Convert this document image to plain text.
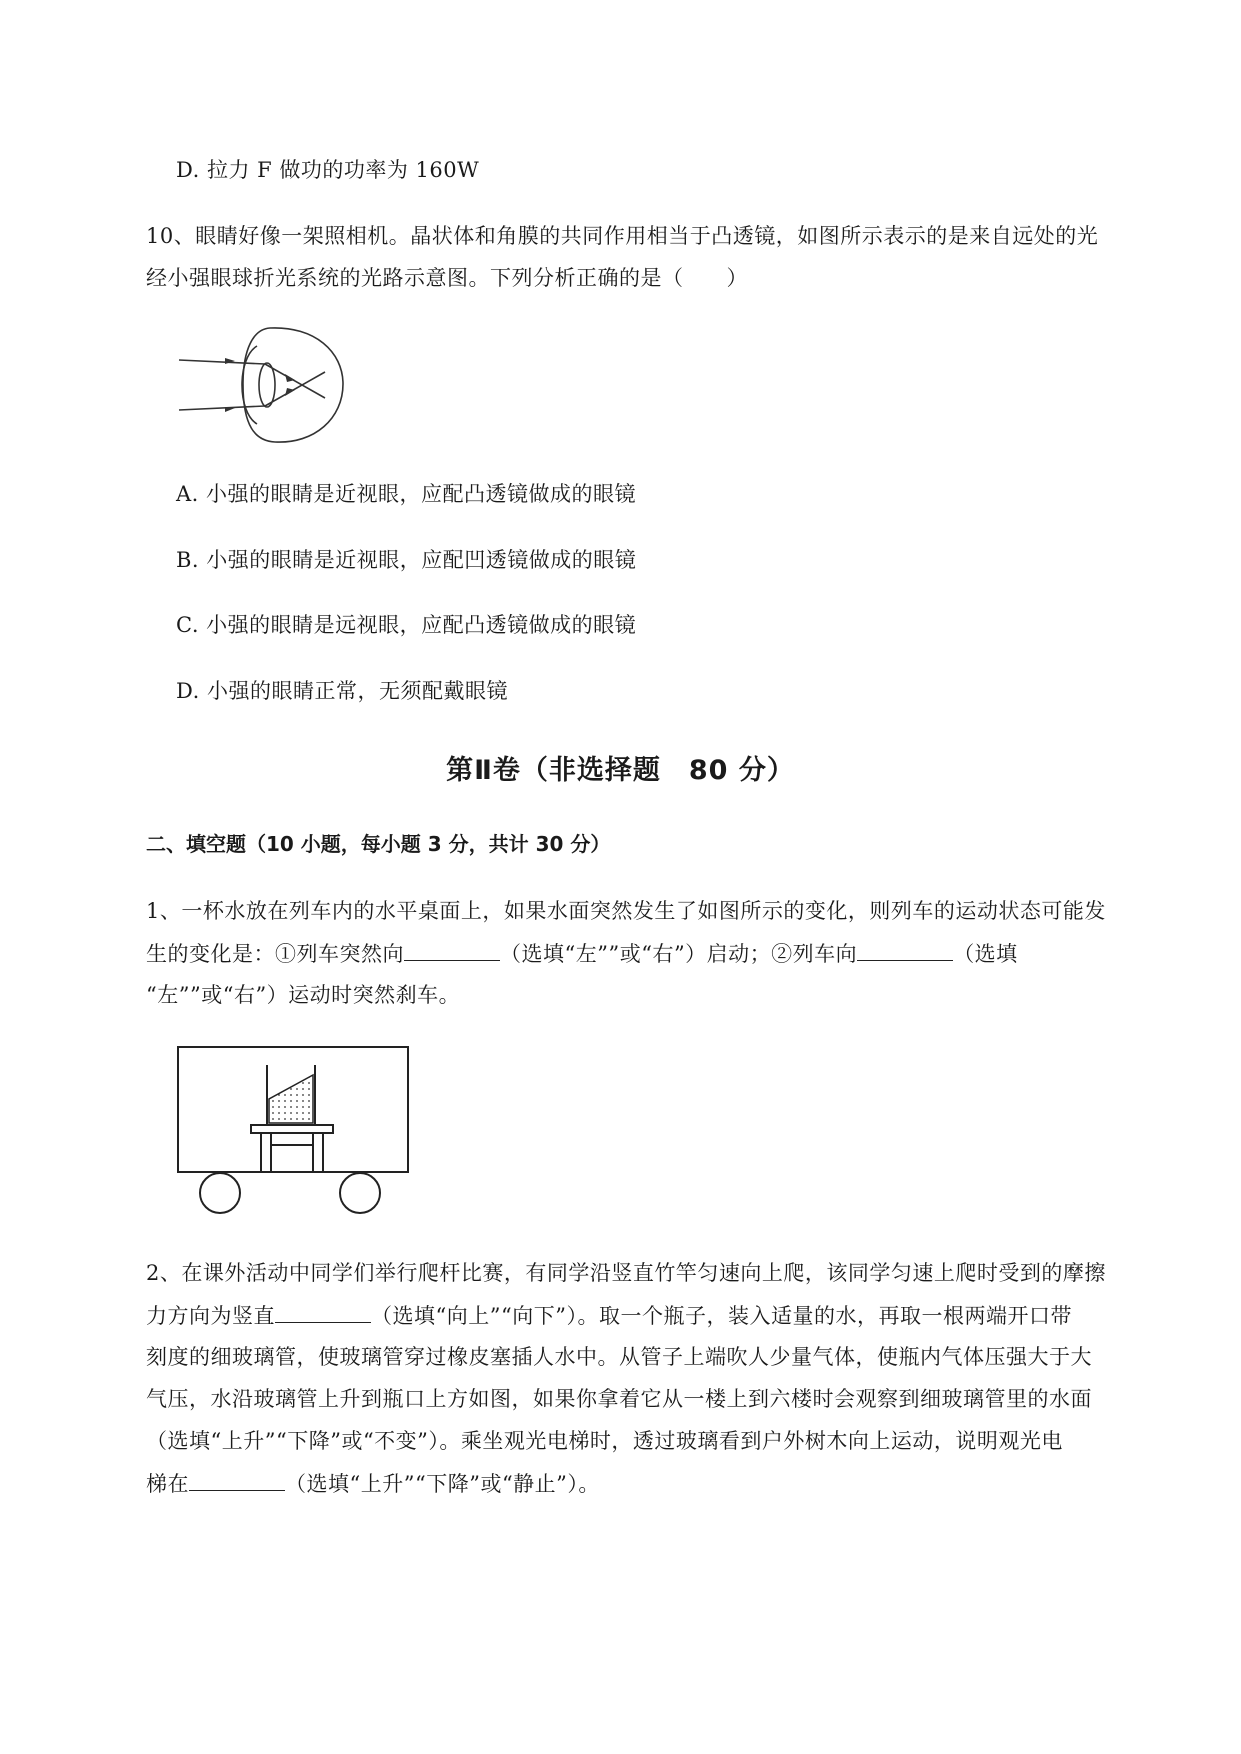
D. 拉力 F 做功的功率为 160W
10、眼睛好像一架照相机。晶状体和角膜的共同作用相当于凸透镜，如图所示表示的是来自远处的光
经小强眼球折光系统的光路示意图。下列分析正确的是（　　）
A. 小强的眼睛是近视眼，应配凸透镜做成的眼镜
B. 小强的眼睛是近视眼，应配凹透镜做成的眼镜
C. 小强的眼睛是远视眼，应配凸透镜做成的眼镜
D. 小强的眼睛正常，无须配戴眼镜
第Ⅱ卷（非选择题　80 分）
二、填空题（10 小题，每小题 3 分，共计 30 分）
1、一杯水放在列车内的水平桌面上，如果水面突然发生了如图所示的变化，则列车的运动状态可能发
生的变化是：①列车突然向	（选填“左””或“右”）启动；②列车向	（选填
“左””或“右”）运动时突然刹车。
2、在课外活动中同学们举行爬杆比赛，有同学沿竖直竹竿匀速向上爬，该同学匀速上爬时受到的摩擦
力方向为竖直	（选填“向上”“向下”）。取一个瓶子，装入适量的水，再取一根两端开口带
刻度的细玻璃管，使玻璃管穿过橡皮塞插人水中。从管子上端吹人少量气体，使瓶内气体压强大于大
气压，水沿玻璃管上升到瓶口上方如图，如果你拿着它从一楼上到六楼时会观察到细玻璃管里的水面
（选填“上升”“下降”或“不变”）。乘坐观光电梯时，透过玻璃看到户外树木向上运动，说明观光电
梯在	（选填“上升”“下降”或“静止”）。
